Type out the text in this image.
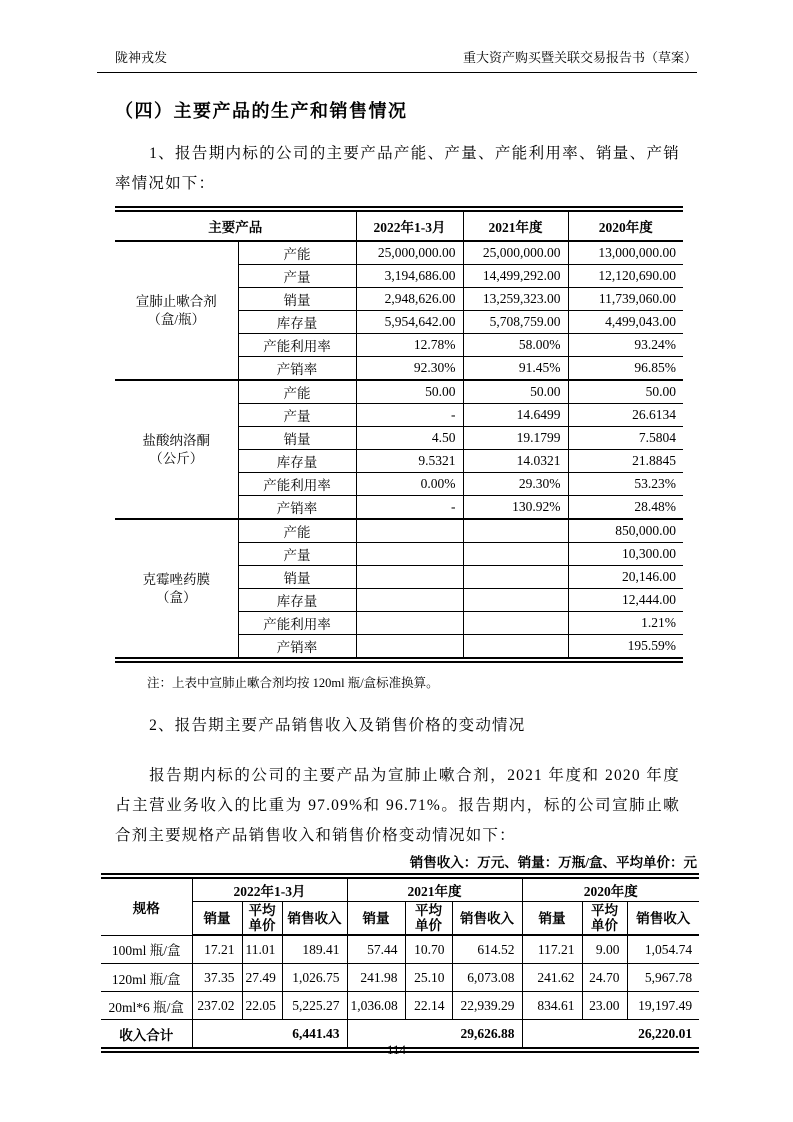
陇神戎发	重大资产购买暨关联交易报告书（草案）
（四）主要产品的生产和销售情况

1、报告期内标的公司的主要产品产能、产量、产能利用率、销量、产销率情况如下：

主要产品		2022年1-3月	2021年度	2020年度

宣肺止嗽合剂
（盒/瓶）	产能	25,000,000.00	25,000,000.00	13,000,000.00
	产量	3,194,686.00	14,499,292.00	12,120,690.00
	销量	2,948,626.00	13,259,323.00	11,739,060.00
	库存量	5,954,642.00	5,708,759.00	4,499,043.00
	产能利用率	12.78%	58.00%	93.24%
	产销率	92.30%	91.45%	96.85%

盐酸纳洛酮
（公斤）	产能	50.00	50.00	50.00
	产量	-	14.6499	26.6134
	销量	4.50	19.1799	7.5804
	库存量	9.5321	14.0321	21.8845
	产能利用率	0.00%	29.30%	53.23%
	产销率	-	130.92%	28.48%

克霉唑药膜
（盒）	产能			850,000.00
	产量			10,300.00
	销量			20,146.00
	库存量			12,444.00
	产能利用率			1.21%
	产销率			195.59%

注：上表中宣肺止嗽合剂均按 120ml 瓶/盒标准换算。

2、报告期主要产品销售收入及销售价格的变动情况

报告期内标的公司的主要产品为宣肺止嗽合剂，2021 年度和 2020 年度占主营业务收入的比重为 97.09%和 96.71%。报告期内，标的公司宣肺止嗽合剂主要规格产品销售收入和销售价格变动情况如下：

销售收入：万元、销量：万瓶/盒、平均单价：元
规格	2022年1-3月			2021年度			2020年度		
	销量	平均单价	销售收入	销量	平均单价	销售收入	销量	平均单价	销售收入
100ml 瓶/盒	17.21	11.01	189.41	57.44	10.70	614.52	117.21	9.00	1,054.74
120ml 瓶/盒	37.35	27.49	1,026.75	241.98	25.10	6,073.08	241.62	24.70	5,967.78
20ml*6 瓶/盒	237.02	22.05	5,225.27	1,036.08	22.14	22,939.29	834.61	23.00	19,197.49
收入合计	6,441.43			29,626.88			26,220.01		
114
